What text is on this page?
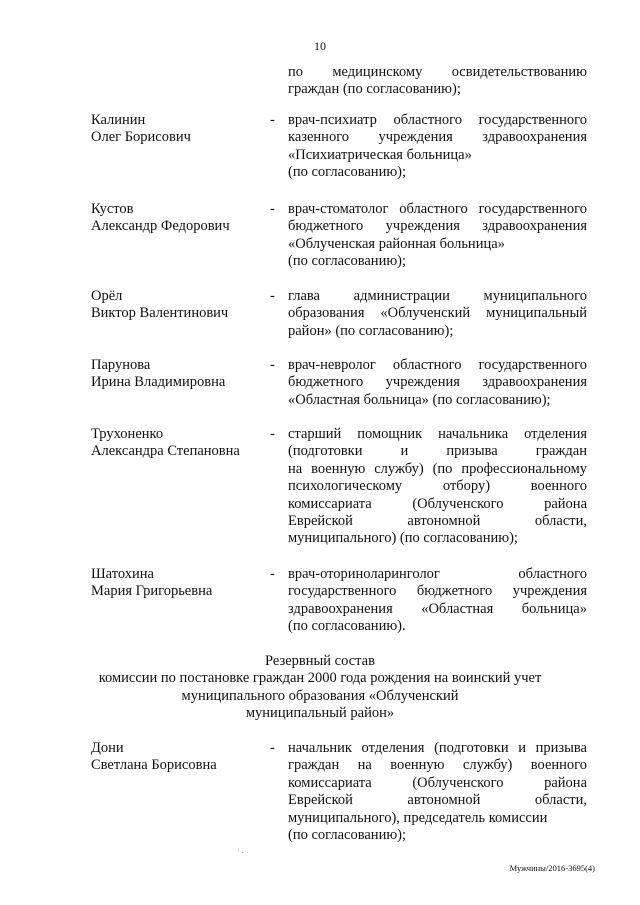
10
по медицинскому освидетельствованию
граждан (по согласованию);
Калинин
Олег Борисович
- врач-психиатр областного государственного
казенного учреждения здравоохранения
«Психиатрическая больница»
(по согласованию);
Кустов
Александр Федорович
- врач-стоматолог областного государственного
бюджетного учреждения здравоохранения
«Облученская районная больница»
(по согласованию);
Орёл
Виктор Валентинович
- глава администрации муниципального
образования «Облученский муниципальный
район» (по согласованию);
Парунова
Ирина Владимировна
- врач-невролог областного государственного
бюджетного учреждения здравоохранения
«Областная больница» (по согласованию);
Трухоненко
Александра Степановна
- старший помощник начальника отделения
(подготовки и призыва граждан
на военную службу) (по профессиональному
психологическому отбору) военного
комиссариата (Облученского района
Еврейской автономной области,
муниципального) (по согласованию);
Шатохина
Мария Григорьевна
- врач-оториноларинголог областного
государственного бюджетного учреждения
здравоохранения «Областная больница»
(по согласованию).
Резервный состав
комиссии по постановке граждан 2000 года рождения на воинский учет
муниципального образования «Облученский
муниципальный район»
Дони
Светлана Борисовна
- начальник отделения (подготовки и призыва
граждан на военную службу) военного
комиссариата (Облученского района
Еврейской автономной области,
муниципального), председатель комиссии
(по согласованию);
· .
Мужчины/2016-3695(4)
